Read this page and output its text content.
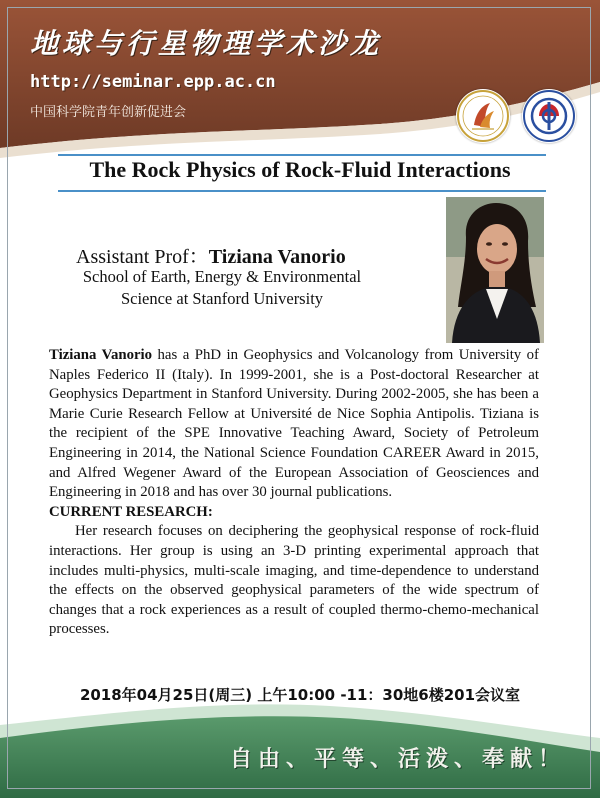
地球与行星物理学术沙龙
http://seminar.epp.ac.cn
中国科学院青年创新促进会
The Rock Physics of Rock-Fluid Interactions
Assistant Prof：Tiziana Vanorio
School of Earth, Energy & Environmental
Science at Stanford University

Tiziana Vanorio has a PhD in Geophysics and Volcanology from University of Naples Federico II (Italy). In 1999-2001, she is a Post-doctoral Researcher at Geophysics Department in Stanford University. During 2002-2005, she has been a Marie Curie Research Fellow at Université de Nice Sophia Antipolis. Tiziana is the recipient of the SPE Innovative Teaching Award, Society of Petroleum Engineering in 2014, the National Science Foundation CAREER Award in 2015, and Alfred Wegener Award of the European Association of Geosciences and Engineering in 2018 and has over 30 journal publications.

CURRENT RESEARCH:

Her research focuses on deciphering the geophysical response of rock-fluid interactions. Her group is using an 3-D printing experimental approach that includes multi-physics, multi-scale imaging, and time-dependence to understand the effects on the observed geophysical parameters of the wide spectrum of changes that a rock experiences as a result of coupled thermo-chemo-mechanical processes.

2018年04月25日(周三) 上午10:00 -11：30地6楼201会议室

自由、平等、活泼、奉献！
